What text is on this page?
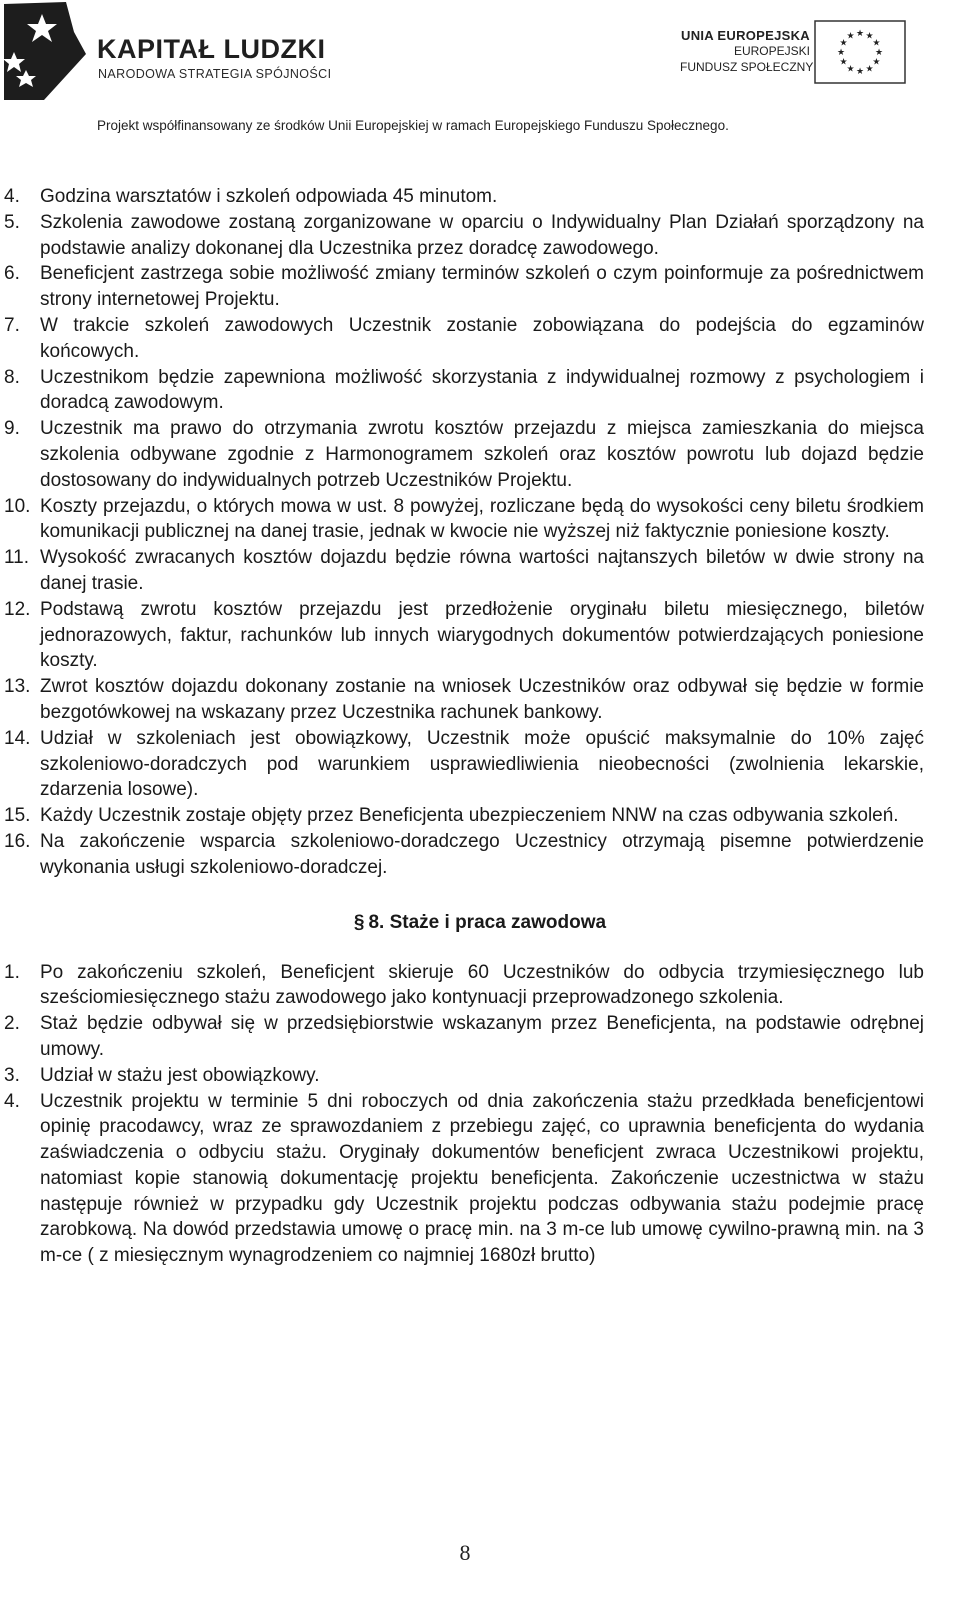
KAPITAŁ LUDZKI
NARODOWA STRATEGIA SPÓJNOŚCI
UNIA EUROPEJSKA
EUROPEJSKI
FUNDUSZ SPOŁECZNY
★
★
★
★
★
★
★
★
★ ★ ★
★
Projekt współfinansowany ze środków Unii Europejskiej w ramach Europejskiego Funduszu Społecznego.
4. Godzina warsztatów i szkoleń odpowiada 45 minutom.
5. Szkolenia zawodowe zostaną zorganizowane w oparciu o Indywidualny Plan Działań sporządzony na podstawie analizy dokonanej dla Uczestnika przez doradcę zawodowego.
6. Beneficjent zastrzega sobie możliwość zmiany terminów szkoleń o czym poinformuje za pośrednictwem strony internetowej Projektu.
7. W trakcie szkoleń zawodowych Uczestnik zostanie zobowiązana do podejścia do egzaminów końcowych.
8. Uczestnikom będzie zapewniona możliwość skorzystania z indywidualnej rozmowy z psychologiem i doradcą zawodowym.
9. Uczestnik ma prawo do otrzymania zwrotu kosztów przejazdu z miejsca zamieszkania do miejsca szkolenia odbywane zgodnie z Harmonogramem szkoleń oraz kosztów powrotu lub dojazd będzie dostosowany do indywidualnych potrzeb Uczestników Projektu.
10. Koszty przejazdu, o których mowa w ust. 8 powyżej, rozliczane będą do wysokości ceny biletu środkiem komunikacji publicznej na danej trasie, jednak w kwocie nie wyższej niż faktycznie poniesione koszty.
11. Wysokość zwracanych kosztów dojazdu będzie równa wartości najtanszych biletów w dwie strony na danej trasie.
12. Podstawą zwrotu kosztów przejazdu jest przedłożenie oryginału biletu miesięcznego, biletów jednorazowych, faktur, rachunków lub innych wiarygodnych dokumentów potwierdzających poniesione koszty.
13. Zwrot kosztów dojazdu dokonany zostanie na wniosek Uczestników oraz odbywał się będzie w formie bezgotówkowej na wskazany przez Uczestnika rachunek bankowy.
14. Udział w szkoleniach jest obowiązkowy, Uczestnik może opuścić maksymalnie do 10% zajęć szkoleniowo-doradczych pod warunkiem usprawiedliwienia nieobecności (zwolnienia lekarskie, zdarzenia losowe).
15. Każdy Uczestnik zostaje objęty przez Beneficjenta ubezpieczeniem NNW na czas odbywania szkoleń.
16. Na zakończenie wsparcia szkoleniowo-doradczego Uczestnicy otrzymają pisemne potwierdzenie wykonania usługi szkoleniowo-doradczej.
§ 8. Staże i praca zawodowa
1. Po zakończeniu szkoleń, Beneficjent skieruje 60 Uczestników do odbycia trzymiesięcznego lub sześciomiesięcznego stażu zawodowego jako kontynuacji przeprowadzonego szkolenia.
2. Staż będzie odbywał się w przedsiębiorstwie wskazanym przez Beneficjenta, na podstawie odrębnej umowy.
3. Udział w stażu jest obowiązkowy.
4. Uczestnik projektu w terminie 5 dni roboczych od dnia zakończenia stażu przedkłada beneficjentowi opinię pracodawcy, wraz ze sprawozdaniem z przebiegu zajęć, co uprawnia beneficjenta do wydania zaświadczenia o odbyciu stażu. Oryginały dokumentów beneficjent zwraca Uczestnikowi projektu, natomiast kopie stanowią dokumentację projektu beneficjenta. Zakończenie uczestnictwa w stażu następuje również w przypadku gdy Uczestnik projektu podczas odbywania stażu podejmie pracę zarobkową. Na dowód przedstawia umowę o pracę min. na 3 m-ce lub umowę cywilno-prawną min. na 3 m-ce ( z miesięcznym wynagrodzeniem co najmniej 1680zł brutto)
8
